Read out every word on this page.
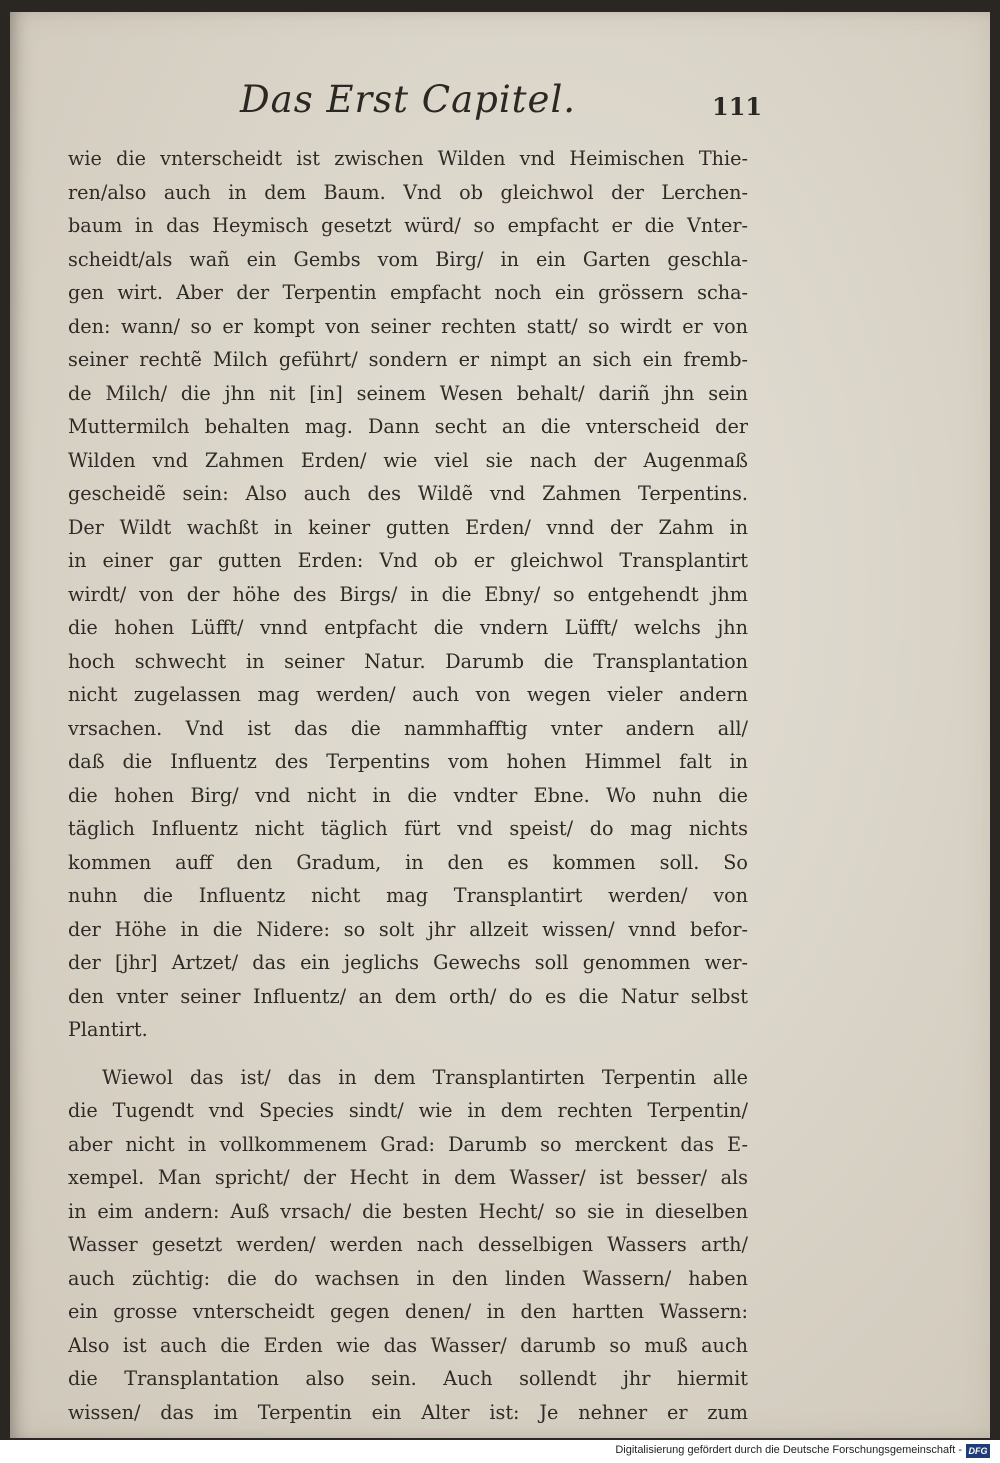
Das Erst Capitel.	111
wie die vnterscheidt ist zwischen Wilden vnd Heimischen Thie-
ren/also auch in dem Baum. Vnd ob gleichwol der Lerchen-
baum in das Heymisch gesetzt würd/ so empfacht er die Vnter-
scheidt/als wañ ein Gembs vom Birg/ in ein Garten geschla-
gen wirt. Aber der Terpentin empfacht noch ein grössern scha-
den: wann/ so er kompt von seiner rechten statt/ so wirdt er von
seiner rechtẽ Milch geführt/ sondern er nimpt an sich ein fremb-
de Milch/ die jhn nit [in] seinem Wesen behalt/ dariñ jhn sein
Muttermilch behalten mag. Dann secht an die vnterscheid der
Wilden vnd Zahmen Erden/ wie viel sie nach der Augenmaß
gescheidẽ sein: Also auch des Wildẽ vnd Zahmen Terpentins.
Der Wildt wachßt in keiner gutten Erden/ vnnd der Zahm in
in einer gar gutten Erden: Vnd ob er gleichwol Transplantirt
wirdt/ von der höhe des Birgs/ in die Ebny/ so entgehendt jhm
die hohen Lüfft/ vnnd entpfacht die vndern Lüfft/ welchs jhn
hoch schwecht in seiner Natur. Darumb die Transplantation
nicht zugelassen mag werden/ auch von wegen vieler andern
vrsachen. Vnd ist das die nammhafftig vnter andern all/
daß die Influentz des Terpentins vom hohen Himmel falt in
die hohen Birg/ vnd nicht in die vndter Ebne. Wo nuhn die
täglich Influentz nicht täglich fürt vnd speist/ do mag nichts
kommen auff den Gradum, in den es kommen soll. So
nuhn die Influentz nicht mag Transplantirt werden/ von
der Höhe in die Nidere: so solt jhr allzeit wissen/ vnnd befor-
der [jhr] Artzet/ das ein jeglichs Gewechs soll genommen wer-
den vnter seiner Influentz/ an dem orth/ do es die Natur selbst
Plantirt.
Wiewol das ist/ das in dem Transplantirten Terpentin alle
die Tugendt vnd Species sindt/ wie in dem rechten Terpentin/
aber nicht in vollkommenem Grad: Darumb so merckent das E-
xempel. Man spricht/ der Hecht in dem Wasser/ ist besser/ als
in eim andern: Auß vrsach/ die besten Hecht/ so sie in dieselben
Wasser gesetzt werden/ werden nach desselbigen Wassers arth/
auch züchtig: die do wachsen in den linden Wassern/ haben
ein grosse vnterscheidt gegen denen/ in den hartten Wassern:
Also ist auch die Erden wie das Wasser/ darumb so muß auch
die Transplantation also sein. Auch sollendt jhr hiermit
wissen/ das im Terpentin ein Alter ist: Je nehner er zum
Digitalisierung gefördert durch die Deutsche Forschungsgemeinschaft - DFG
